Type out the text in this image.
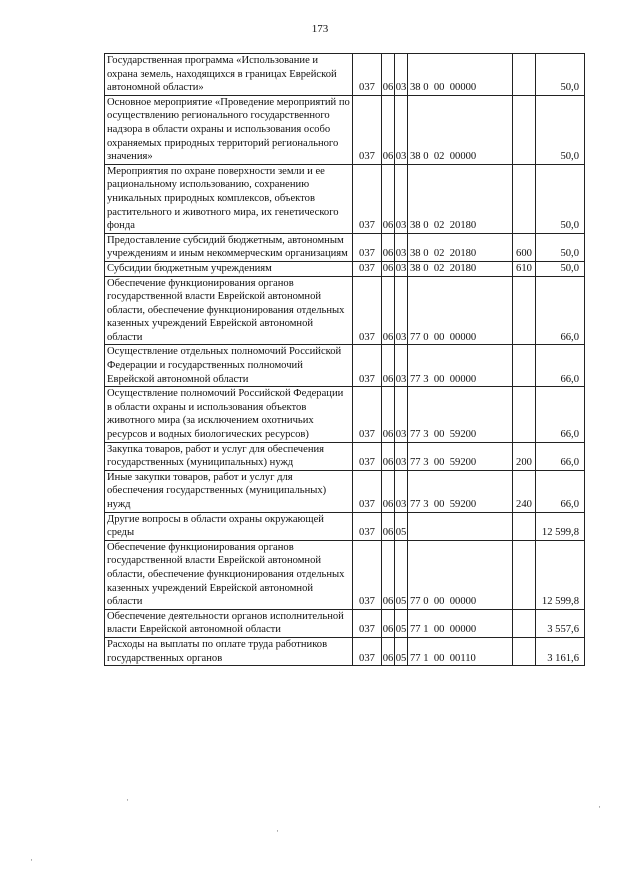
173
Государственная программа «Использование и охрана земель, находящихся в границах Еврейской автономной области»	037	06	03	38 0  00  00000		50,0
Основное мероприятие «Проведение мероприятий по осуществлению регионального государственного надзора в области охраны и использования особо охраняемых природных территорий регионального значения»	037	06	03	38 0  02  00000		50,0
Мероприятия по охране поверхности земли и ее рациональному использованию, сохранению уникальных природных комплексов, объектов растительного и животного мира, их генетического фонда	037	06	03	38 0  02  20180		50,0
Предоставление субсидий бюджетным, автономным учреждениям и иным некоммерческим организациям	037	06	03	38 0  02  20180	600	50,0
Субсидии бюджетным учреждениям	037	06	03	38 0  02  20180	610	50,0
Обеспечение функционирования органов государственной власти Еврейской автономной области, обеспечение функционирования отдельных казенных учреждений Еврейской автономной области	037	06	03	77 0  00  00000		66,0
Осуществление отдельных полномочий Российской Федерации и государственных полномочий Еврейской автономной области	037	06	03	77 3  00  00000		66,0
Осуществление полномочий Российской Федерации в области охраны и использования объектов животного мира (за исключением охотничьих ресурсов и водных биологических ресурсов)	037	06	03	77 3  00  59200		66,0
Закупка товаров, работ и услуг для обеспечения государственных (муниципальных) нужд	037	06	03	77 3  00  59200	200	66,0
Иные закупки товаров, работ и услуг для обеспечения государственных (муниципальных) нужд	037	06	03	77 3  00  59200	240	66,0
Другие вопросы в области охраны окружающей среды	037	06	05			12 599,8
Обеспечение функционирования органов государственной власти Еврейской автономной области, обеспечение функционирования отдельных казенных учреждений Еврейской автономной области	037	06	05	77 0  00  00000		12 599,8
Обеспечение деятельности органов исполнительной власти Еврейской автономной области	037	06	05	77 1  00  00000		3 557,6
Расходы на выплаты по оплате труда работников государственных органов	037	06	05	77 1  00  00110		3 161,6
·
·
·
·
